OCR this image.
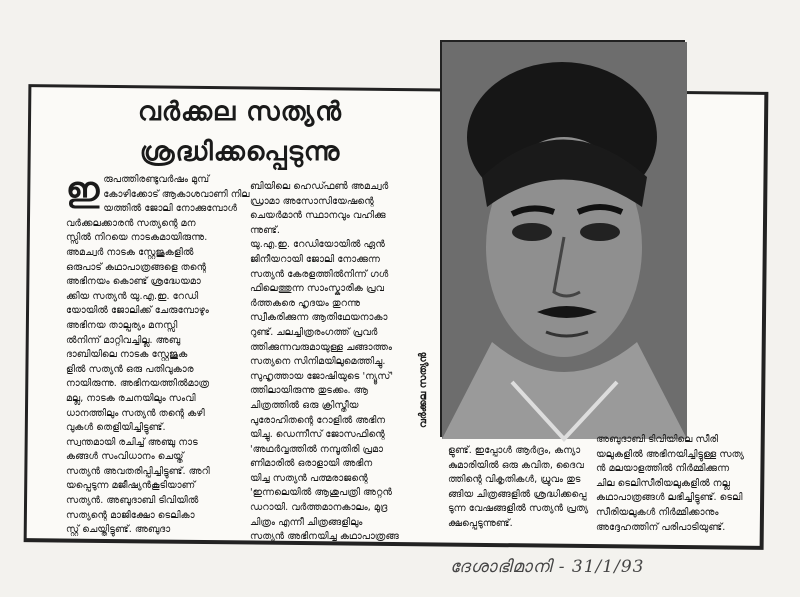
വർക്കല സത്യൻ
ശ്രദ്ധിക്കപ്പെടുന്നു
ഇ രുപത്തിരണ്ടുവർഷം മുമ്പ്
കോഴിക്കോട് ആകാശവാണി നില
യത്തിൽ ജോലി നോക്കുമ്പോൾ
വർക്കലക്കാരൻ സത്യന്റെ മന
സ്സിൽ നിറയെ നാടകമായിരുന്നു.
അമച്വർ നാടക സ്റ്റേജുകളിൽ
ഒരുപാട് കഥാപാത്രങ്ങളെ തന്റെ
അഭിനയം കൊണ്ട് ശ്രദ്ധേയമാ
ക്കിയ സത്യൻ യു.എ.ഇ. റേഡി
യോയിൽ ജോലിക്ക് ചേരുമ്പോഴും
അഭിനയ താല്പര്യം മനസ്സി
ൽനിന്ന് മാറ്റിവച്ചില്ല. അബു
ദാബിയിലെ നാടക സ്റ്റേജുക
ളിൽ സത്യൻ ഒരു പതിവുകാര
നായിരുന്നു. അഭിനയത്തിൽമാത്ര
മല്ല, നാടക രചനയിലും സംവി
ധാനത്തിലും സത്യൻ തന്റെ കഴി
വുകൾ തെളിയിച്ചിട്ടുണ്ട്.
സ്വന്തമായി രചിച്ച് അഞ്ചു നാട
കങ്ങൾ സംവിധാനം ചെയ്ത്
സത്യൻ അവതരിപ്പിച്ചിട്ടുണ്ട്. അറി
യപ്പെടുന്ന മജീഷ്യൻകൂടിയാണ്
സത്യൻ. അബുദാബി ടിവിയിൽ
സത്യന്റെ മാജിക്ഷോ ടെലികാ
സ്റ്റ് ചെയ്തിട്ടുണ്ട്. അബുദാ
ബിയിലെ ഹെഡ്ഫൺ അമച്വർ
ഡ്രാമാ അസോസിയേഷന്റെ
ചെയർമാൻ സ്ഥാനവും വഹിക്കു
ന്നുണ്ട്.
യു.എ.ഇ. റേഡിയോയിൽ ഏൻ
ജിനീയറായി ജോലി നോക്കുന്ന
സത്യൻ കേരളത്തിൽനിന്ന് ഗൾ
ഫിലെത്തുന്ന സാംസ്കാരിക പ്രവ
ർത്തകരെ ഹൃദയം തുറന്നു
സ്വീകരിക്കുന്ന ആതിഥേയനാകാ
റുണ്ട്. ചലച്ചിത്രരംഗത്ത് പ്രവർ
ത്തിക്കുന്നവരുമായുള്ള ചങ്ങാത്തം
സത്യനെ സിനിമയിലുമെത്തിച്ചു.
സുഹൃത്തായ ജോഷിയുടെ 'ന്യൂസ്'
ത്തിലായിരുന്നു തുടക്കം. ആ
ചിത്രത്തിൽ ഒരു ക്രിസ്തീയ
പുരോഹിതന്റെ റോളിൽ അഭിന
യിച്ചു. ഡെന്നീസ് ജോസഫിന്റെ
'അഥർവ്വത്തിൽ നമ്പൂതിരി പ്രമാ
ണിമാരിൽ ഒരാളായി അഭിന
യിച്ച സത്യൻ പത്മരാജന്റെ
'ഇന്നലെയിൽ ആശുപത്രി അറ്റൻ
ഡറായി. വർത്തമാനകാലം, മുദ്ര
ചിത്രം എന്നീ ചിത്രങ്ങളിലും
സത്യൻ അഭിനയിച്ച കഥാപാത്രങ്ങ
വർക്കല സത്യൻ
ളുണ്ട്. ഇപ്പോൾ ആർദ്രം, കന്യാ
കുമാരിയിൽ ഒരു കവിത, ദൈവ
ത്തിന്റെ വികൃതികൾ, ധ്രുവം തുട
ങ്ങിയ ചിത്രങ്ങളിൽ ശ്രദ്ധിക്കപ്പെ
ടുന്ന വേഷങ്ങളിൽ സത്യൻ പ്രത്യ
ക്ഷപ്പെടുന്നുണ്ട്.
അബുദാബി ടിവിയിലെ സീരി
യലുകളിൽ അഭിനയിച്ചിട്ടുള്ള സത്യ
ൻ മലയാളത്തിൽ നിർമ്മിക്കുന്ന
ചില ടെലിസീരിയലുകളിൽ നല്ല
കഥാപാത്രങ്ങൾ ലഭിച്ചിട്ടുണ്ട്. ടെലി
സീരിയലുകൾ നിർമ്മിക്കാനും
അദ്ദേഹത്തിന് പരിപാടിയുണ്ട്.
ദേശാഭിമാനി - 31/1/93
